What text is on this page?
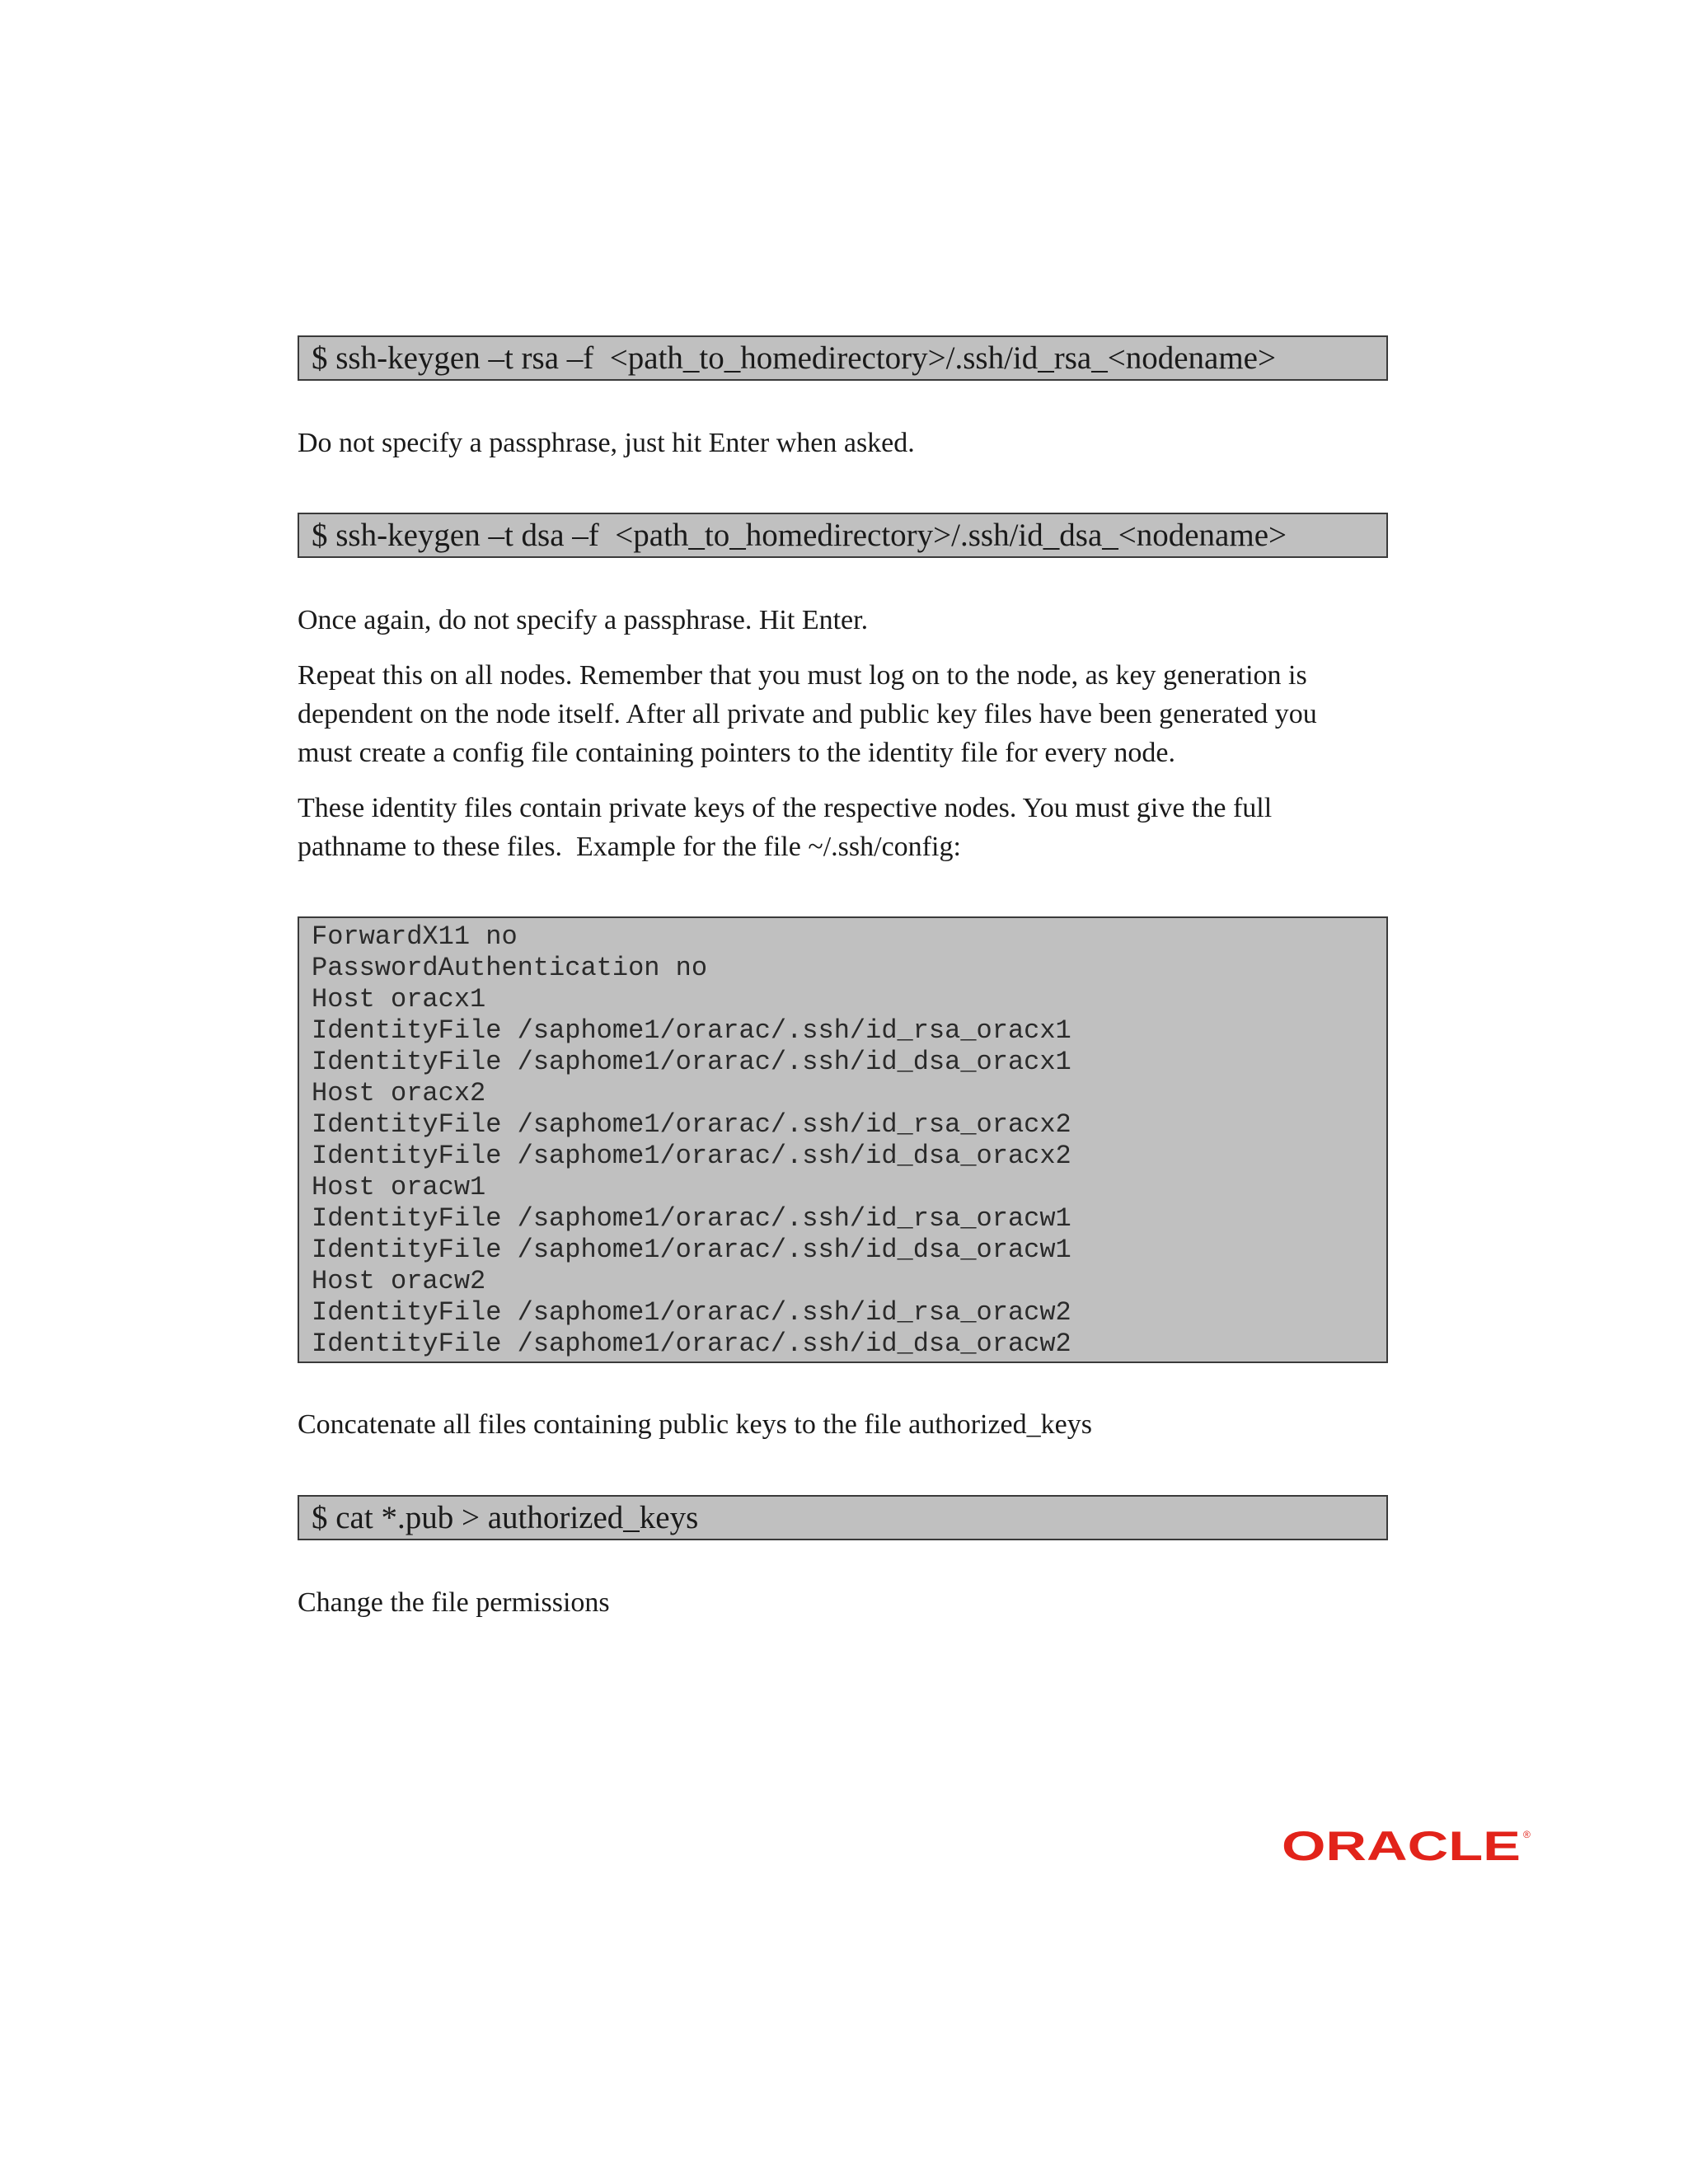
$ ssh-keygen –t rsa –f  <path_to_homedirectory>/.ssh/id_rsa_<nodename>

Do not specify a passphrase, just hit Enter when asked.

$ ssh-keygen –t dsa –f  <path_to_homedirectory>/.ssh/id_dsa_<nodename>

Once again, do not specify a passphrase. Hit Enter.

Repeat this on all nodes. Remember that you must log on to the node, as key generation is
dependent on the node itself. After all private and public key files have been generated you
must create a config file containing pointers to the identity file for every node.

These identity files contain private keys of the respective nodes. You must give the full
pathname to these files.  Example for the file ~/.ssh/config:

ForwardX11 no
PasswordAuthentication no
Host oracx1
IdentityFile /saphome1/orarac/.ssh/id_rsa_oracx1
IdentityFile /saphome1/orarac/.ssh/id_dsa_oracx1
Host oracx2
IdentityFile /saphome1/orarac/.ssh/id_rsa_oracx2
IdentityFile /saphome1/orarac/.ssh/id_dsa_oracx2
Host oracw1
IdentityFile /saphome1/orarac/.ssh/id_rsa_oracw1
IdentityFile /saphome1/orarac/.ssh/id_dsa_oracw1
Host oracw2
IdentityFile /saphome1/orarac/.ssh/id_rsa_oracw2
IdentityFile /saphome1/orarac/.ssh/id_dsa_oracw2

Concatenate all files containing public keys to the file authorized_keys

$ cat *.pub > authorized_keys

Change the file permissions

ORACLE ®
